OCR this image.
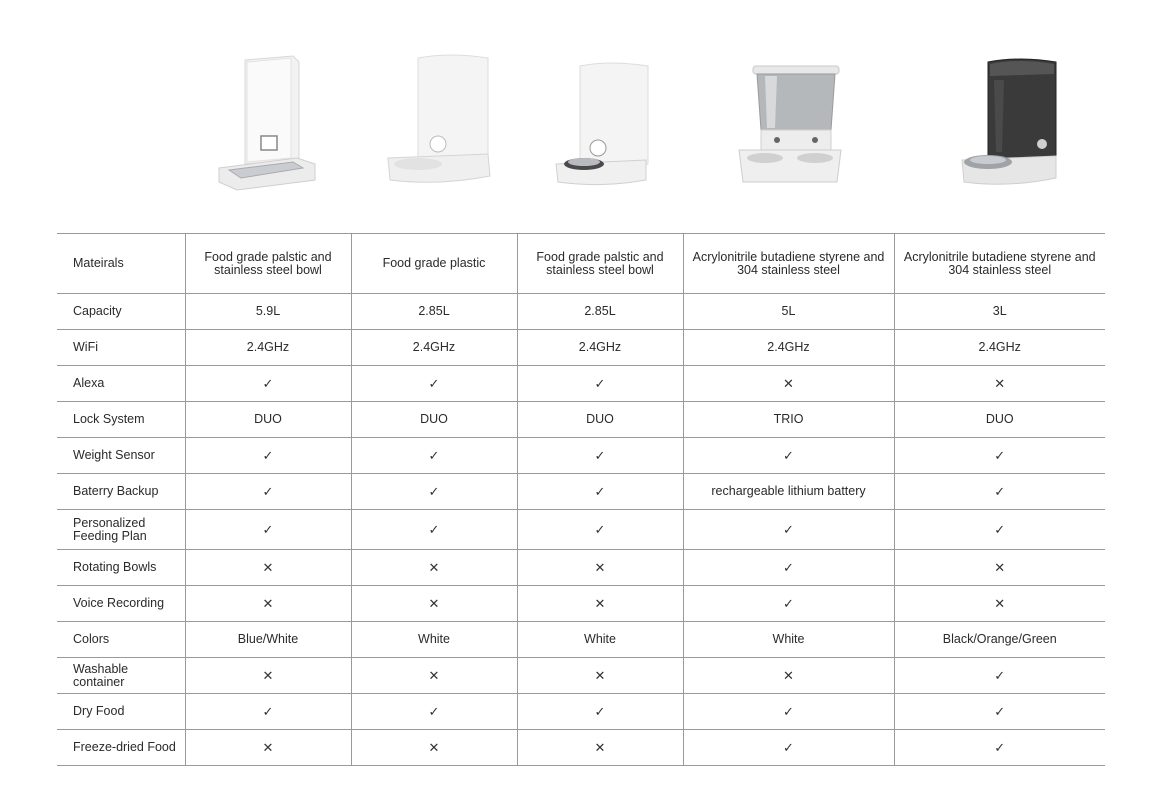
Mateirals	Food grade palstic and stainless steel bowl	Food grade plastic	Food grade palstic and stainless steel bowl	Acrylonitrile butadiene styrene and 304 stainless steel	Acrylonitrile butadiene styrene and 304 stainless steel
Capacity	5.9L	2.85L	2.85L	5L	3L
WiFi	2.4GHz	2.4GHz	2.4GHz	2.4GHz	2.4GHz
Alexa	✓	✓	✓	✕	✕
Lock System	DUO	DUO	DUO	TRIO	DUO
Weight Sensor	✓	✓	✓	✓	✓
Baterry Backup	✓	✓	✓	rechargeable lithium battery	✓
Personalized Feeding Plan	✓	✓	✓	✓	✓
Rotating Bowls	✕	✕	✕	✓	✕
Voice Recording	✕	✕	✕	✓	✕
Colors	Blue/White	White	White	White	Black/Orange/Green
Washable container	✕	✕	✕	✕	✓
Dry Food	✓	✓	✓	✓	✓
Freeze-dried Food	✕	✕	✕	✓	✓
